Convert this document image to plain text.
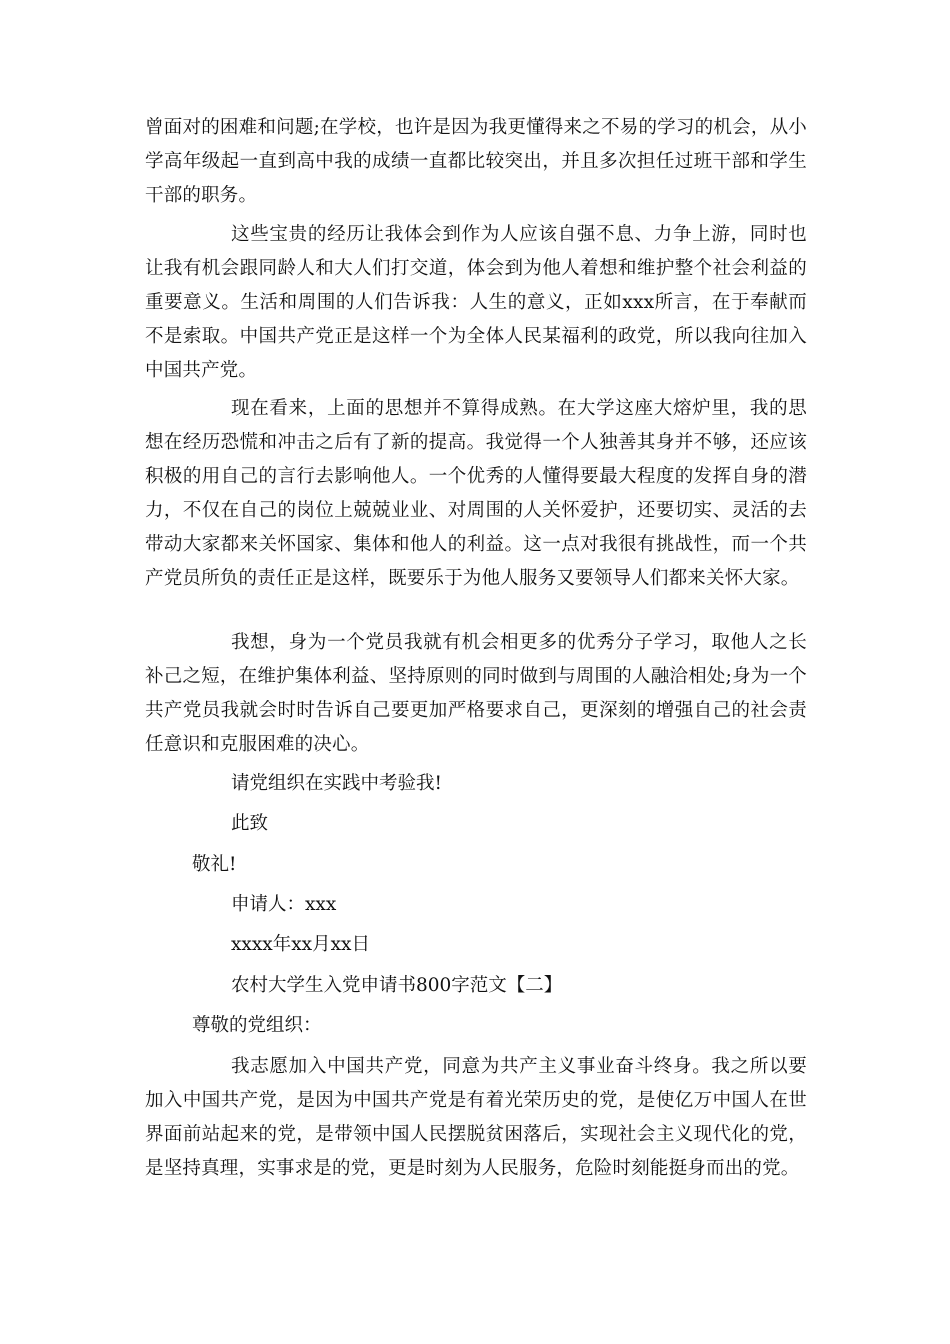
曾面对的困难和问题;在学校，也许是因为我更懂得来之不易的学习的机会，从小学高年级起一直到高中我的成绩一直都比较突出，并且多次担任过班干部和学生干部的职务。

这些宝贵的经历让我体会到作为人应该自强不息、力争上游，同时也让我有机会跟同龄人和大人们打交道，体会到为他人着想和维护整个社会利益的重要意义。生活和周围的人们告诉我：人生的意义，正如xxx所言，在于奉献而不是索取。中国共产党正是这样一个为全体人民某福利的政党，所以我向往加入中国共产党。

现在看来，上面的思想并不算得成熟。在大学这座大熔炉里，我的思想在经历恐慌和冲击之后有了新的提高。我觉得一个人独善其身并不够，还应该积极的用自己的言行去影响他人。一个优秀的人懂得要最大程度的发挥自身的潜力，不仅在自己的岗位上兢兢业业、对周围的人关怀爱护，还要切实、灵活的去带动大家都来关怀国家、集体和他人的利益。这一点对我很有挑战性，而一个共产党员所负的责任正是这样，既要乐于为他人服务又要领导人们都来关怀大家。

我想，身为一个党员我就有机会相更多的优秀分子学习，取他人之长补己之短，在维护集体利益、坚持原则的同时做到与周围的人融洽相处;身为一个共产党员我就会时时告诉自己要更加严格要求自己，更深刻的增强自己的社会责任意识和克服困难的决心。

请党组织在实践中考验我!

此致

敬礼!

申请人：xxx

xxxx年xx月xx日

农村大学生入党申请书800字范文【二】

尊敬的党组织：

我志愿加入中国共产党，同意为共产主义事业奋斗终身。我之所以要加入中国共产党，是因为中国共产党是有着光荣历史的党，是使亿万中国人在世界面前站起来的党，是带领中国人民摆脱贫困落后，实现社会主义现代化的党，是坚持真理，实事求是的党，更是时刻为人民服务，危险时刻能挺身而出的党。
